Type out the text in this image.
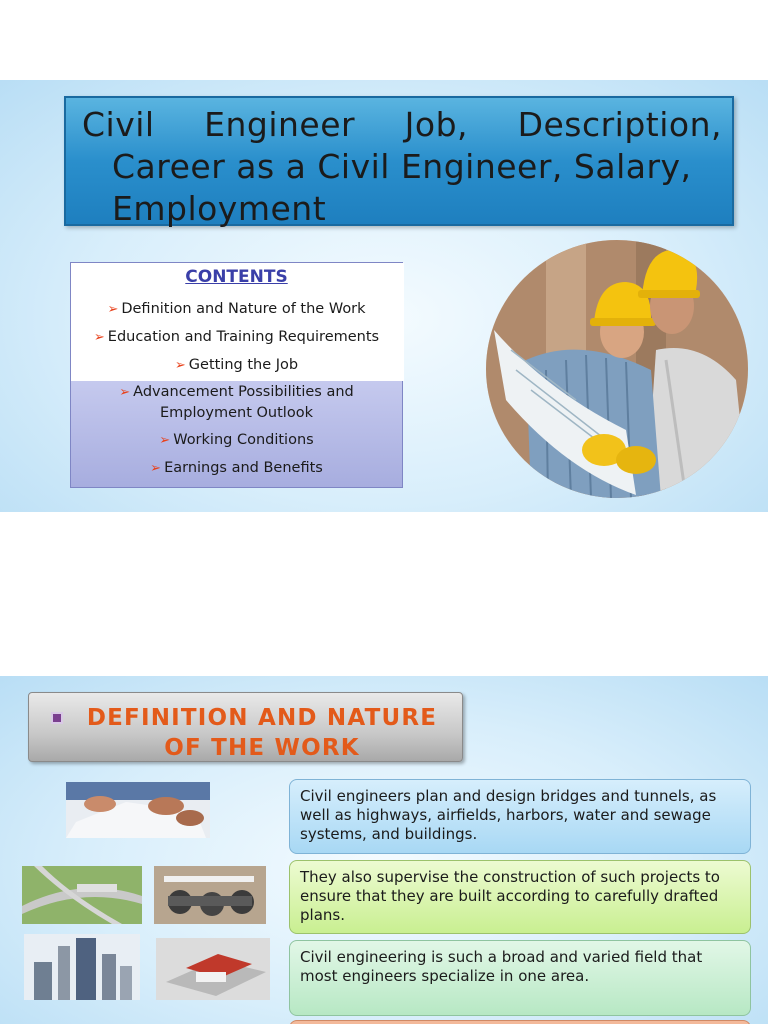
Civil Engineer Job, Description,
Career as a Civil Engineer, Salary,
Employment
CONTENTS
➢ Definition and Nature of the Work
➢ Education and Training Requirements
➢ Getting the Job
➢ Advancement Possibilities and
Employment Outlook
➢ Working Conditions
➢ Earnings and Benefits
DEFINITION AND NATURE
OF THE WORK
Civil engineers plan and design bridges and tunnels, as well as highways, airfields, harbors, water and sewage systems, and buildings.
They also supervise the construction of such projects to ensure that they are built according to carefully drafted plans.
Civil engineering is such a broad and varied field that most engineers specialize in one area.
